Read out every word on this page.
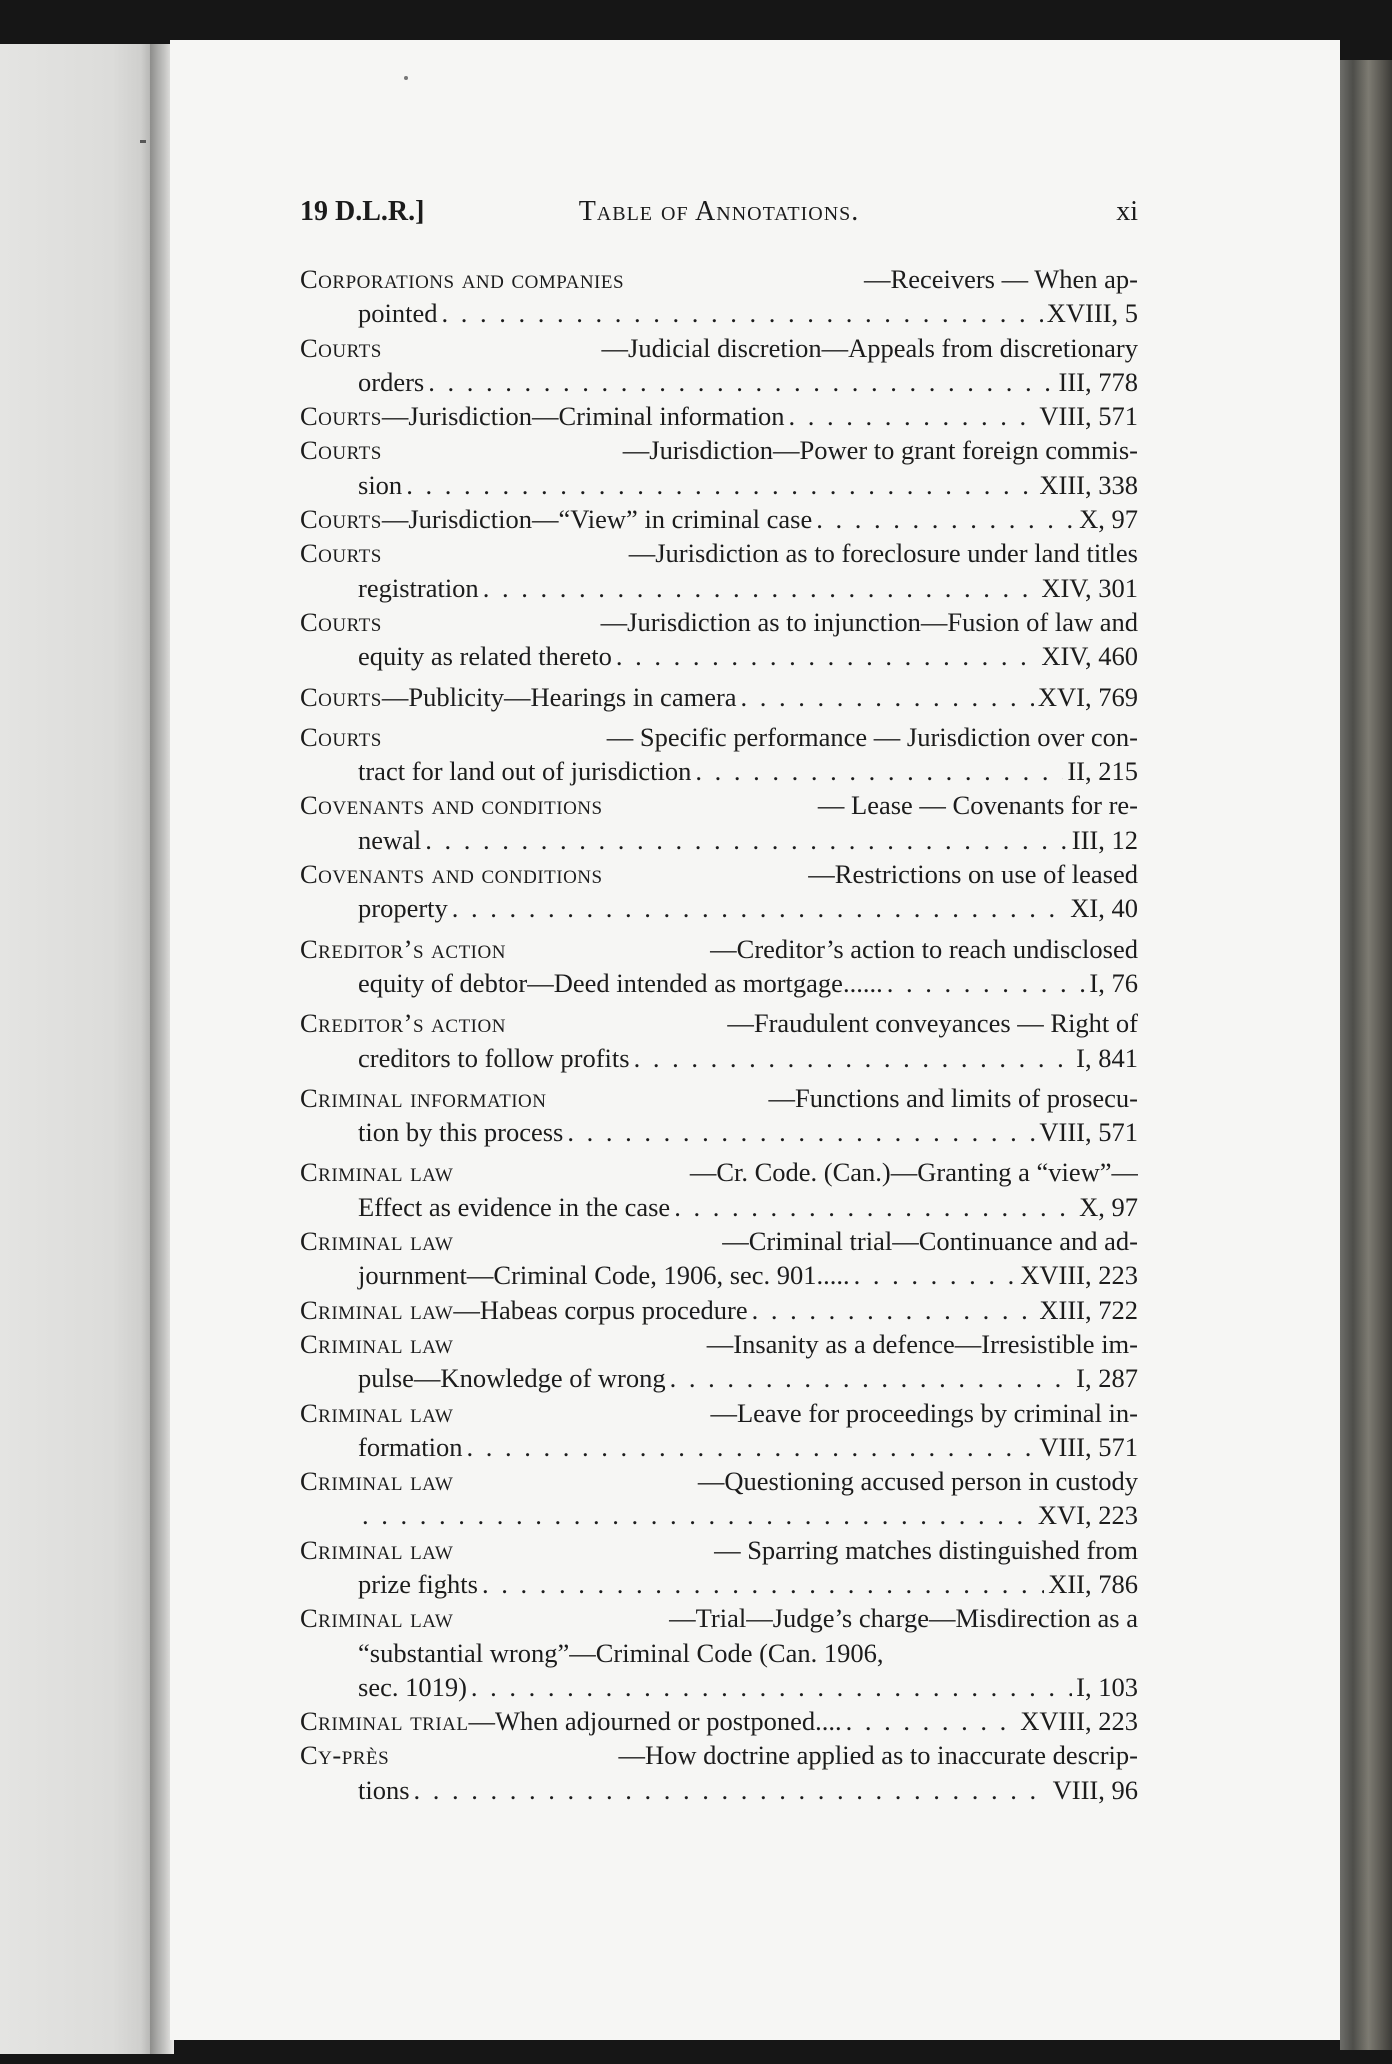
19 D.L.R.]	Table of Annotations.	xi
Corporations and companies	—Receivers — When ap-
pointed . . .	XVIII, 5
Courts	—Judicial discretion—Appeals from discretionary
orders . . .	III, 778
Courts —Jurisdiction—Criminal information . . .	VIII, 571
Courts	—Jurisdiction—Power to grant foreign commis-
sion . . .	XIII, 338
Courts —Jurisdiction—“View” in criminal case . . .	X, 97
Courts	—Jurisdiction as to foreclosure under land titles
registration . . .	XIV, 301
Courts	—Jurisdiction as to injunction—Fusion of law and
equity as related thereto . . .	XIV, 460
Courts —Publicity—Hearings in camera . . .	XVI, 769
Courts	— Specific performance — Jurisdiction over con-
tract for land out of jurisdiction . . .	II, 215
Covenants and conditions	— Lease — Covenants for re-
newal . . .	III, 12
Covenants and conditions	—Restrictions on use of leased
property . . .	XI, 40
Creditor’s action	—Creditor’s action to reach undisclosed
equity of debtor—Deed intended as mortgage...... . . .	I, 76
Creditor’s action	—Fraudulent conveyances — Right of
creditors to follow profits . . .	I, 841
Criminal information	—Functions and limits of prosecu-
tion by this process . . .	VIII, 571
Criminal law	—Cr. Code. (Can.)—Granting a “view”—
Effect as evidence in the case . . .	X, 97
Criminal law	—Criminal trial—Continuance and ad-
journment—Criminal Code, 1906, sec. 901..... . . .	XVIII, 223
Criminal law —Habeas corpus procedure . . .	XIII, 722
Criminal law	—Insanity as a defence—Irresistible im-
pulse—Knowledge of wrong . . .	I, 287
Criminal law	—Leave for proceedings by criminal in-
formation . . .	VIII, 571
Criminal law	—Questioning accused person in custody
. . .
XVI, 223
Criminal law	— Sparring matches distinguished from
prize fights . . .	XII, 786
Criminal law	—Trial—Judge’s charge—Misdirection as a
“substantial wrong”—Criminal Code (Can. 1906,
sec. 1019) . . .	I, 103
Criminal trial —When adjourned or postponed.... . . .	XVIII, 223
Cy-près	—How doctrine applied as to inaccurate descrip-
tions . . .	VIII, 96
